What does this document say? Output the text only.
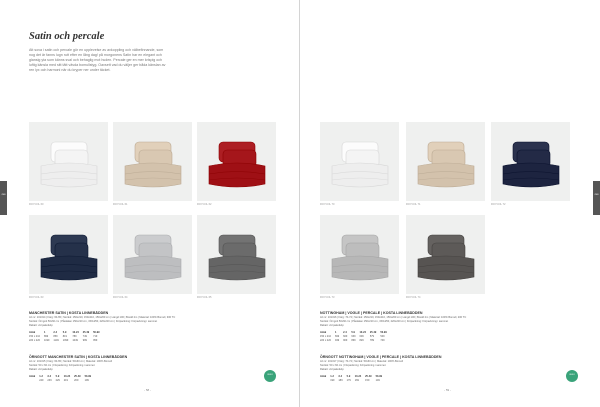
ZEN
Satin och percale

Att sova i satin och percale gör en upplevelse av avkoppling och välbefinnande, som nog det är fanns lugn rutt efter en lång dag! på morgonens Satin har en elegant och glansig yta som känns sval och behaglig mot huden. Percale ger en mer krispig och luftig känsla med sitt tätt vävda bomullstyg. Oavsett vad du väljer ger båda känslan av ren lyx och harmoni när du kryper ner under täcket.

ROYCOL 60	ROYCOL 61	ROYCOL 62
ROYCOL 63	ROYCOL 64	ROYCOL 65

MANCHESTER SATIN | KOSTA LINNEBÄDDEN

Art.nr: 101314 | Färg: 60-65 | Storlek: 150x210, 150x210, 150x200 cm | Längd 100 | Bredd 2m | Material: 100% Bomull, 300 TC

Storlek: Örngott 50x60 cm | Påslakan 150x210 cm, 150x250, 220x220 cm | Förpackning: Förpackning i sammet

Rabatt: vid paketköp

Antal	1	2-4	5-9	10-24	25-49	50-99
150 x 210	899	859	819	789	749	719
220 x 220	1199	1149	1099	1049	999	959

ÖRNGOTT MANCHESTER SATIN | KOSTA LINNEBÄDDEN

Art.nr: 101315 | Färg: 60-65 | Storlek: 50x60 cm | Material: 100% Bomull

Storlek: 50 x 60 cm | Förpackning: Förpackning i sammet

Rabatt: vid paketköp

Antal	1-2	3-4	5-9	10-24	25-49	50-99
	249	239	229	219	209	199
OEKO
- 58 -
ZEN
ROYCOL 70	ROYCOL 71	ROYCOL 72
ROYCOL 73	ROYCOL 74

NOTTINGHAM | VOGLE | PERCALE | KOSTA LINNEBÄDDEN

Art.nr: 101316 | Färg: 70-74 | Storlek: 150x210, 150x210, 150x200 cm | Längd 100 | Bredd 2m | Material: 100% Bomull, 200 TC

Storlek: Örngott 50x60 cm | Påslakan 150x210 cm, 150x250, 220x220 cm | Förpackning: Förpackning i sammet

Rabatt: vid paketköp

Antal	1	2-4	5-9	10-24	25-49	50-99
150 x 210	699	669	639	609	579	549
220 x 220	949	909	869	829	789	749

ÖRNGOTT NOTTINGHAM | VOGLE | PERCALE | KOSTA LINNEBÄDDEN

Art.nr: 101317 | Färg: 70-74 | Storlek: 50x60 cm | Material: 100% Bomull

Storlek: 50 x 60 cm | Förpackning: Förpackning i sammet

Rabatt: vid paketköp

Antal	1-2	3-4	5-9	10-24	25-49	50-99
	199	189	179	169	159	149
OEKO
- 59 -
